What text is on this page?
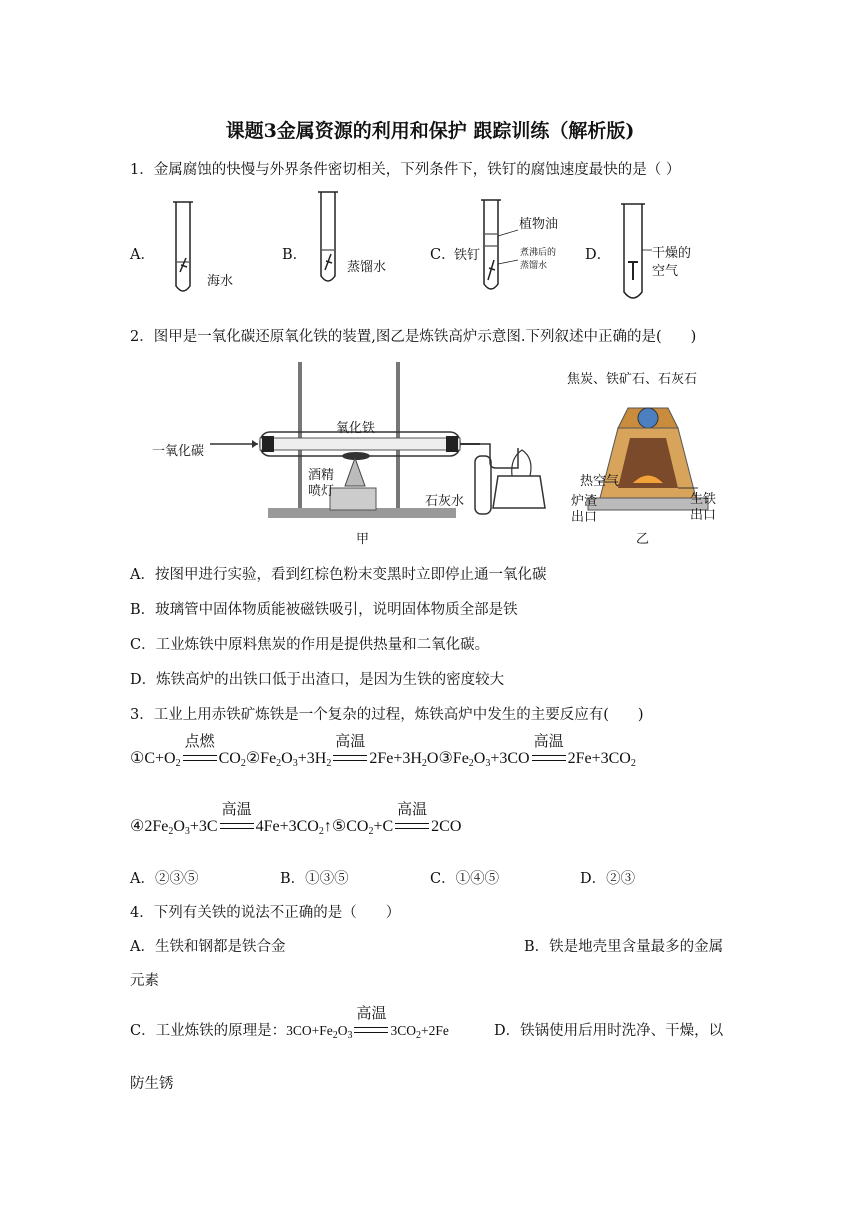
课题3金属资源的利用和保护 跟踪训练（解析版)
1．金属腐蚀的快慢与外界条件密切相关，下列条件下，铁钉的腐蚀速度最快的是（ ）
A．
海水
B．
蒸馏水
C．
铁钉
植物油
煮沸后的
蒸馏水
D．	干燥的
空气
2．图甲是一氧化碳还原氧化铁的装置,图乙是炼铁高炉示意图.下列叙述中正确的是(　　)
一氧化碳
氧化铁
酒精
喷灯
石灰水
甲
焦炭、铁矿石、石灰石
热空气
炉渣
出口
生铁
出口
乙
A．按图甲进行实验，看到红棕色粉末变黑时立即停止通一氧化碳
B．玻璃管中固体物质能被磁铁吸引，说明固体物质全部是铁
C．工业炼铁中原料焦炭的作用是提供热量和二氧化碳。
D．炼铁高炉的出铁口低于出渣口，是因为生铁的密度较大
3．工业上用赤铁矿炼铁是一个复杂的过程，炼铁高炉中发生的主要反应有(　　)
$①C+O_2$
点燃
$CO_2②Fe_2O_3+3H_2$
高温
$2Fe+3H_2O③Fe_2O_3+3CO$
高温
$2Fe+3CO_2$
$④2Fe_2O_3+3C$
高温
$4Fe+3CO_2↑⑤CO_2+C$
高温
2CO
A．②③⑤	B．①③⑤	C．①④⑤	D．②③
4．下列有关铁的说法不正确的是（　　）
A．生铁和钢都是铁合金	B．铁是地壳里含量最多的金属
元素
C．工业炼铁的原理是：$3CO+Fe_2O_3$
高温
$3CO_2+2Fe$	D．铁锅使用后用时洗净、干燥，以
防生锈
